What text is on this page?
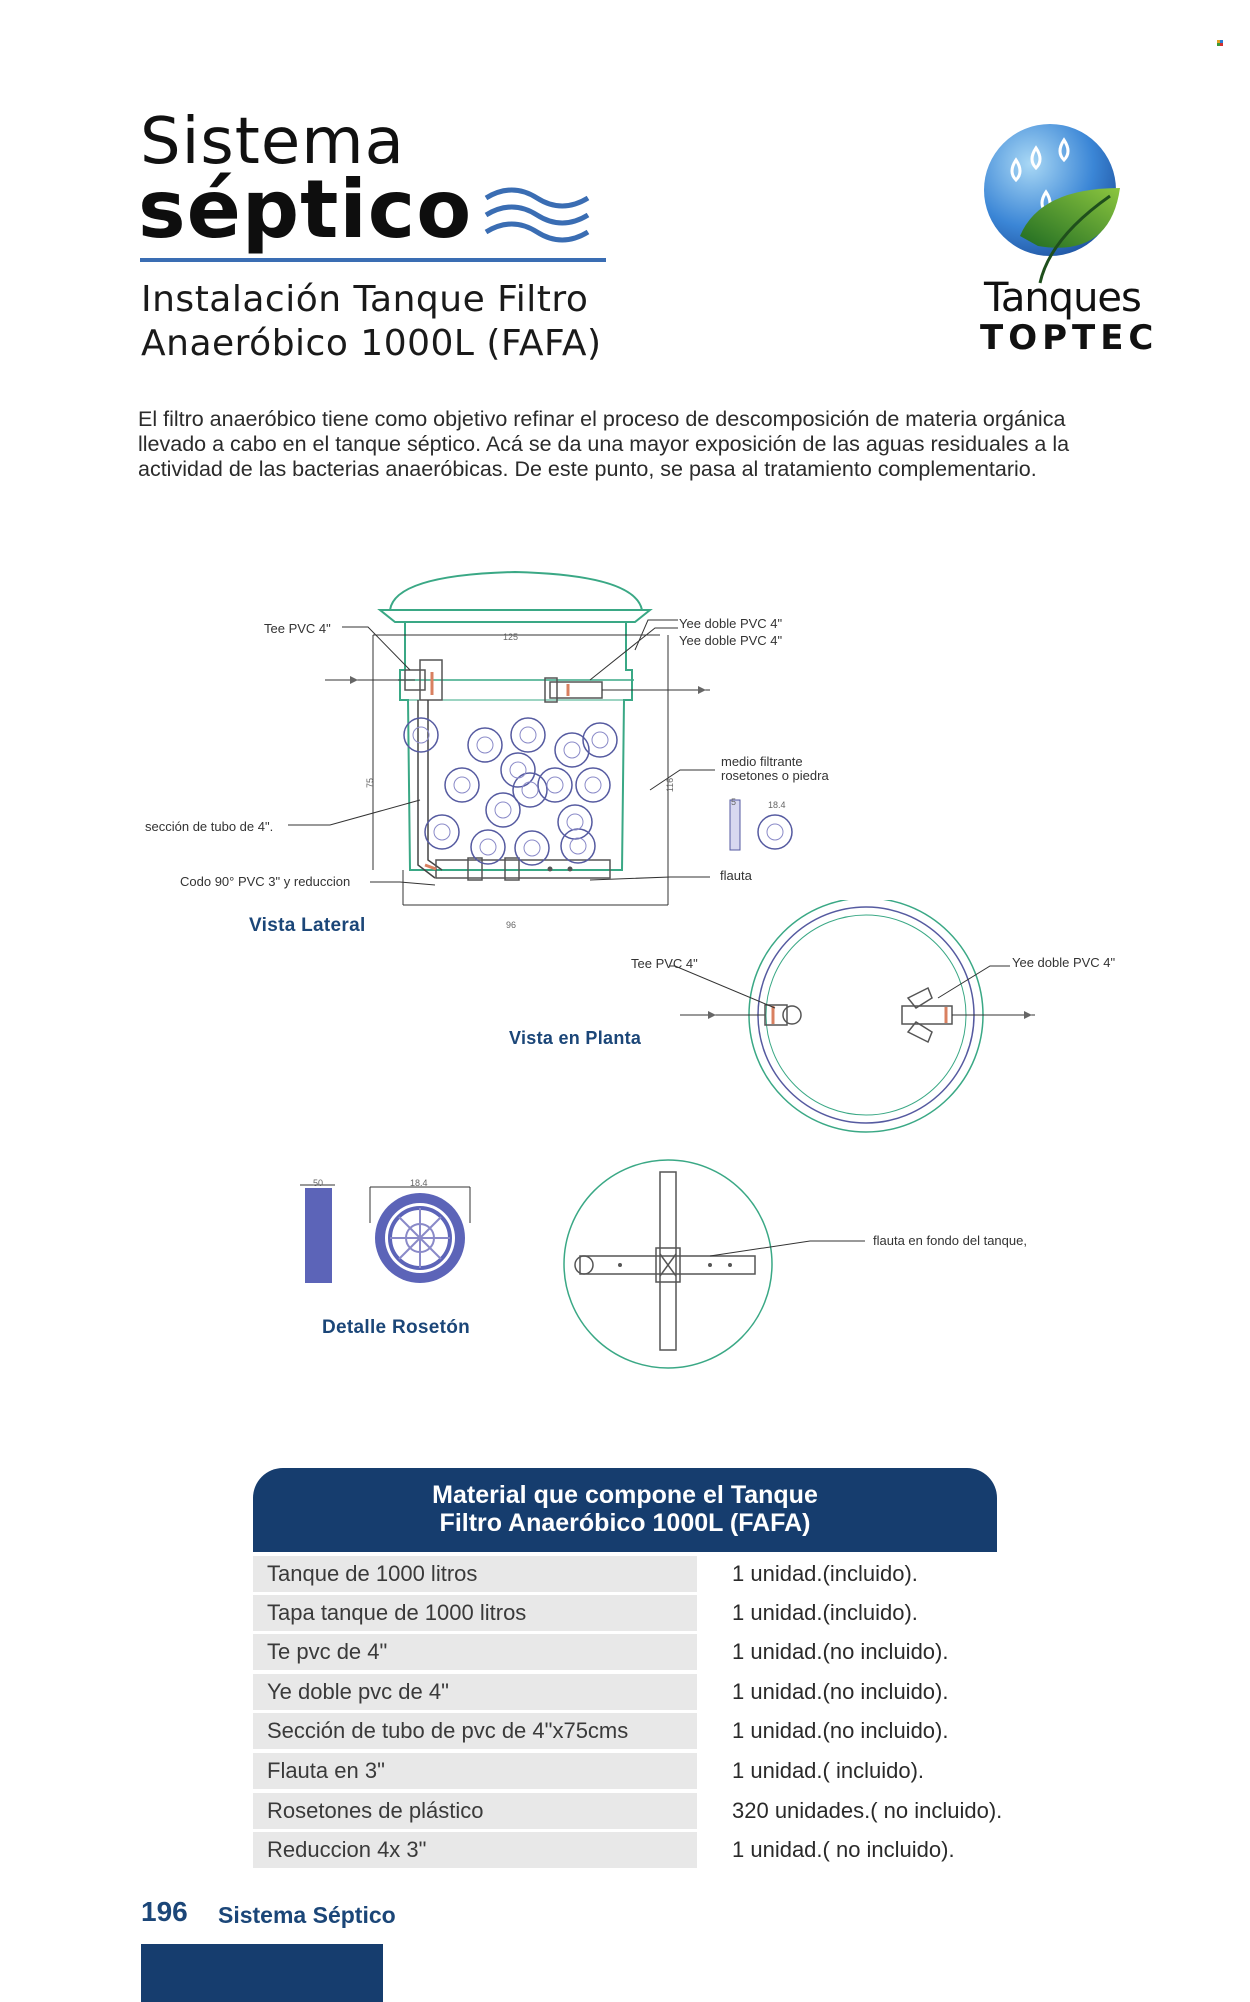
Sistema
séptico
Instalación Tanque Filtro
Anaeróbico 1000L (FAFA)
Tanques
TOPTEC
El filtro anaeróbico tiene como objetivo refinar el proceso de descomposición de materia orgánica llevado a cabo en el tanque séptico. Acá se da una mayor exposición de las aguas residuales a la actividad de las bacterias anaeróbicas. De este punto, se pasa al tratamiento complementario.
Tee PVC 4"	Yee doble PVC 4"
Yee doble PVC 4"
medio filtrante
rosetones o piedra
sección de tubo de 4".
Codo 90° PVC 3" y reduccion	flauta
125
75	116
96
18.4
5
Vista Lateral
Tee PVC 4"	Yee doble PVC 4"
Vista en Planta
50	18.4
Detalle Rosetón
flauta en fondo del tanque,
Material que compone el Tanque
Filtro Anaeróbico 1000L (FAFA)
Tanque de 1000 litros	1 unidad.(incluido).
Tapa tanque de 1000 litros	1 unidad.(incluido).
Te pvc de 4"	1 unidad.(no incluido).
Ye doble pvc de 4"	1 unidad.(no incluido).
Sección de tubo de pvc de 4"x75cms	1 unidad.(no incluido).
Flauta en 3"	1 unidad.( incluido).
Rosetones de plástico	320 unidades.( no incluido).
Reduccion 4x 3"	1 unidad.( no incluido).
196 Sistema Séptico
